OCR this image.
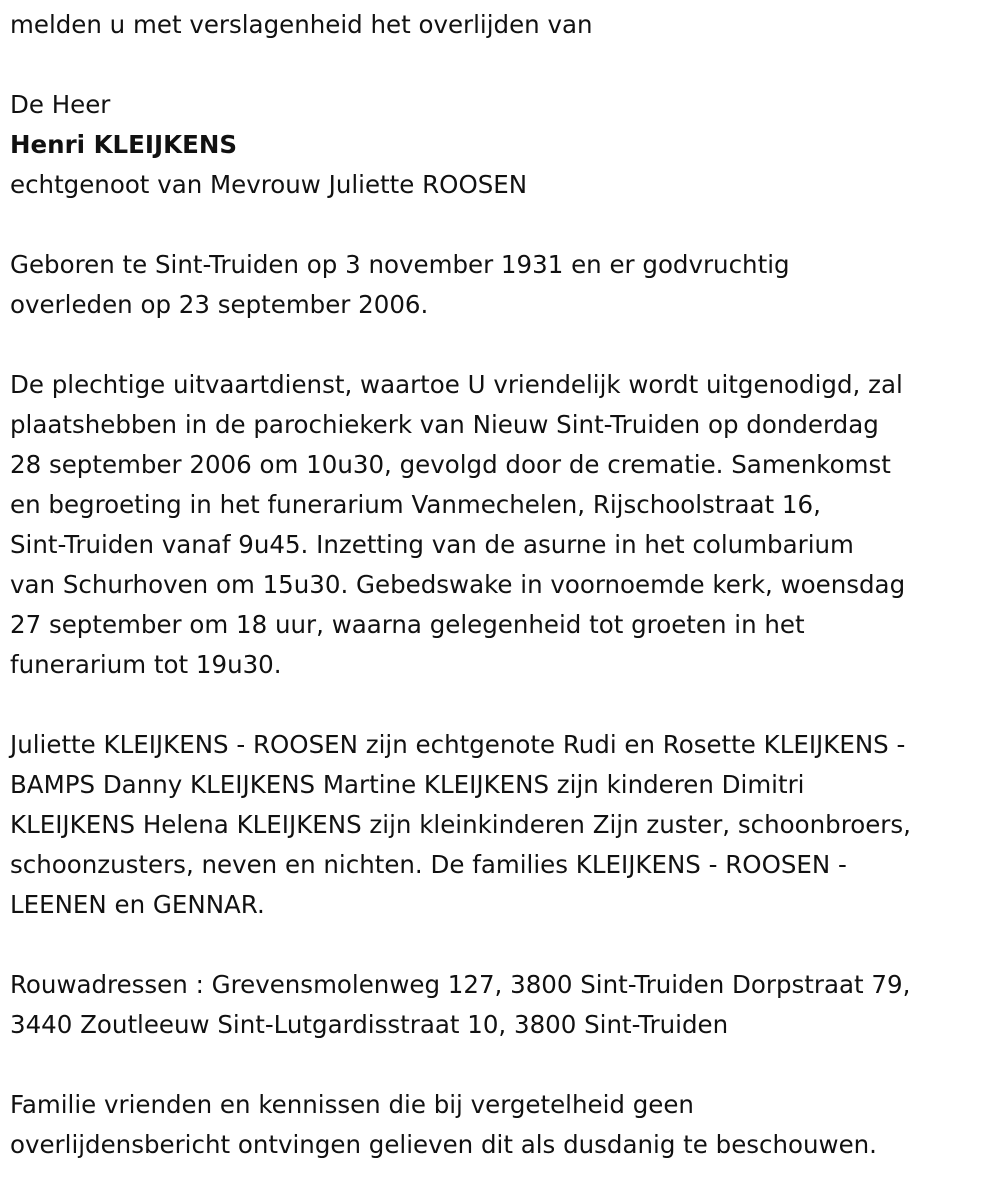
melden u met verslagenheid het overlijden van
De Heer
Henri KLEIJKENS
echtgenoot van Mevrouw Juliette ROOSEN
Geboren te Sint-Truiden op 3 november 1931 en er godvruchtig
overleden op 23 september 2006.
De plechtige uitvaartdienst, waartoe U vriendelijk wordt uitgenodigd, zal
plaatshebben in de parochiekerk van Nieuw Sint-Truiden op donderdag
28 september 2006 om 10u30, gevolgd door de crematie. Samenkomst
en begroeting in het funerarium Vanmechelen, Rijschoolstraat 16,
Sint-Truiden vanaf 9u45. Inzetting van de asurne in het columbarium
van Schurhoven om 15u30. Gebedswake in voornoemde kerk, woensdag
27 september om 18 uur, waarna gelegenheid tot groeten in het
funerarium tot 19u30.
Juliette KLEIJKENS - ROOSEN zijn echtgenote Rudi en Rosette KLEIJKENS -
BAMPS Danny KLEIJKENS Martine KLEIJKENS zijn kinderen Dimitri
KLEIJKENS Helena KLEIJKENS zijn kleinkinderen Zijn zuster, schoonbroers,
schoonzusters, neven en nichten. De families KLEIJKENS - ROOSEN -
LEENEN en GENNAR.
Rouwadressen : Grevensmolenweg 127, 3800 Sint-Truiden Dorpstraat 79,
3440 Zoutleeuw Sint-Lutgardisstraat 10, 3800 Sint-Truiden
Familie vrienden en kennissen die bij vergetelheid geen
overlijdensbericht ontvingen gelieven dit als dusdanig te beschouwen.
